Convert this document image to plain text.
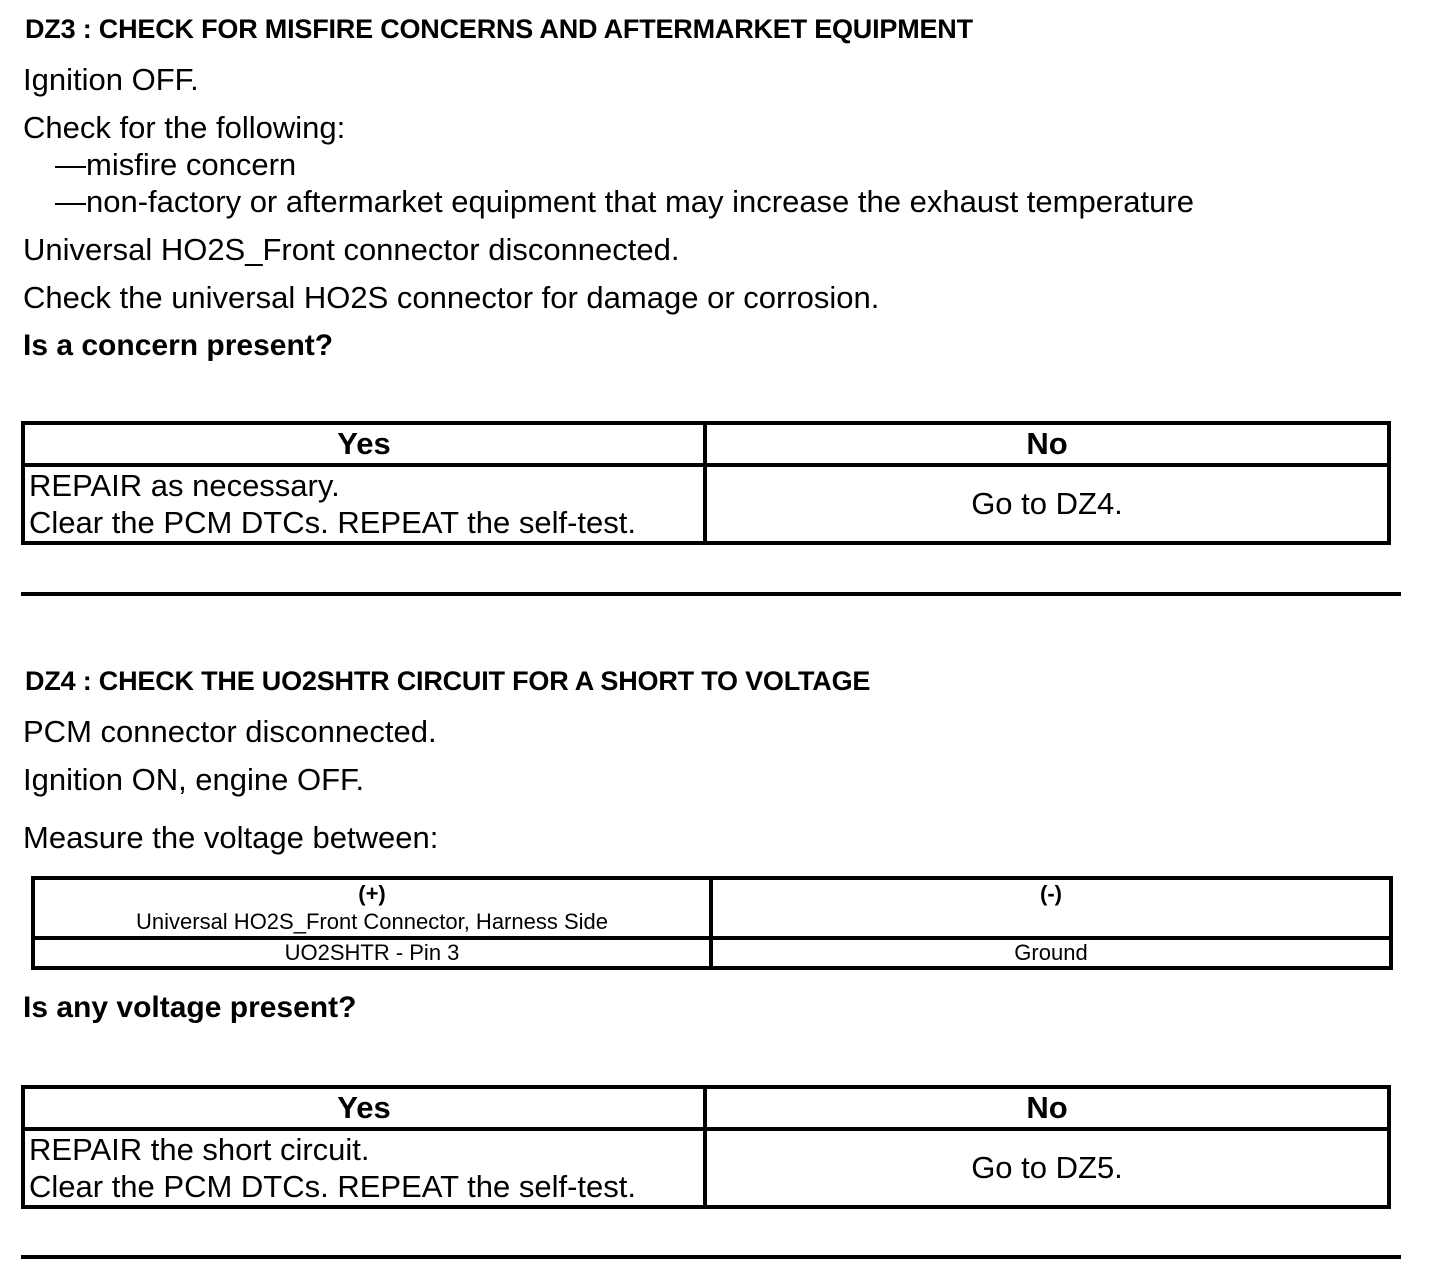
DZ3 : CHECK FOR MISFIRE CONCERNS AND AFTERMARKET EQUIPMENT
Ignition OFF.
Check for the following:
—misfire concern
—non-factory or aftermarket equipment that may increase the exhaust temperature
Universal HO2S_Front connector disconnected.
Check the universal HO2S connector for damage or corrosion.
Is a concern present?
Yes	No

REPAIR as necessary.
Clear the PCM DTCs. REPEAT the self-test.	Go to DZ4.
DZ4 : CHECK THE UO2SHTR CIRCUIT FOR A SHORT TO VOLTAGE
PCM connector disconnected.
Ignition ON, engine OFF.
Measure the voltage between:
(+)
Universal HO2S_Front Connector, Harness Side	(-)

UO2SHTR - Pin 3	Ground
Is any voltage present?
Yes	No

REPAIR the short circuit.
Clear the PCM DTCs. REPEAT the self-test.	Go to DZ5.
